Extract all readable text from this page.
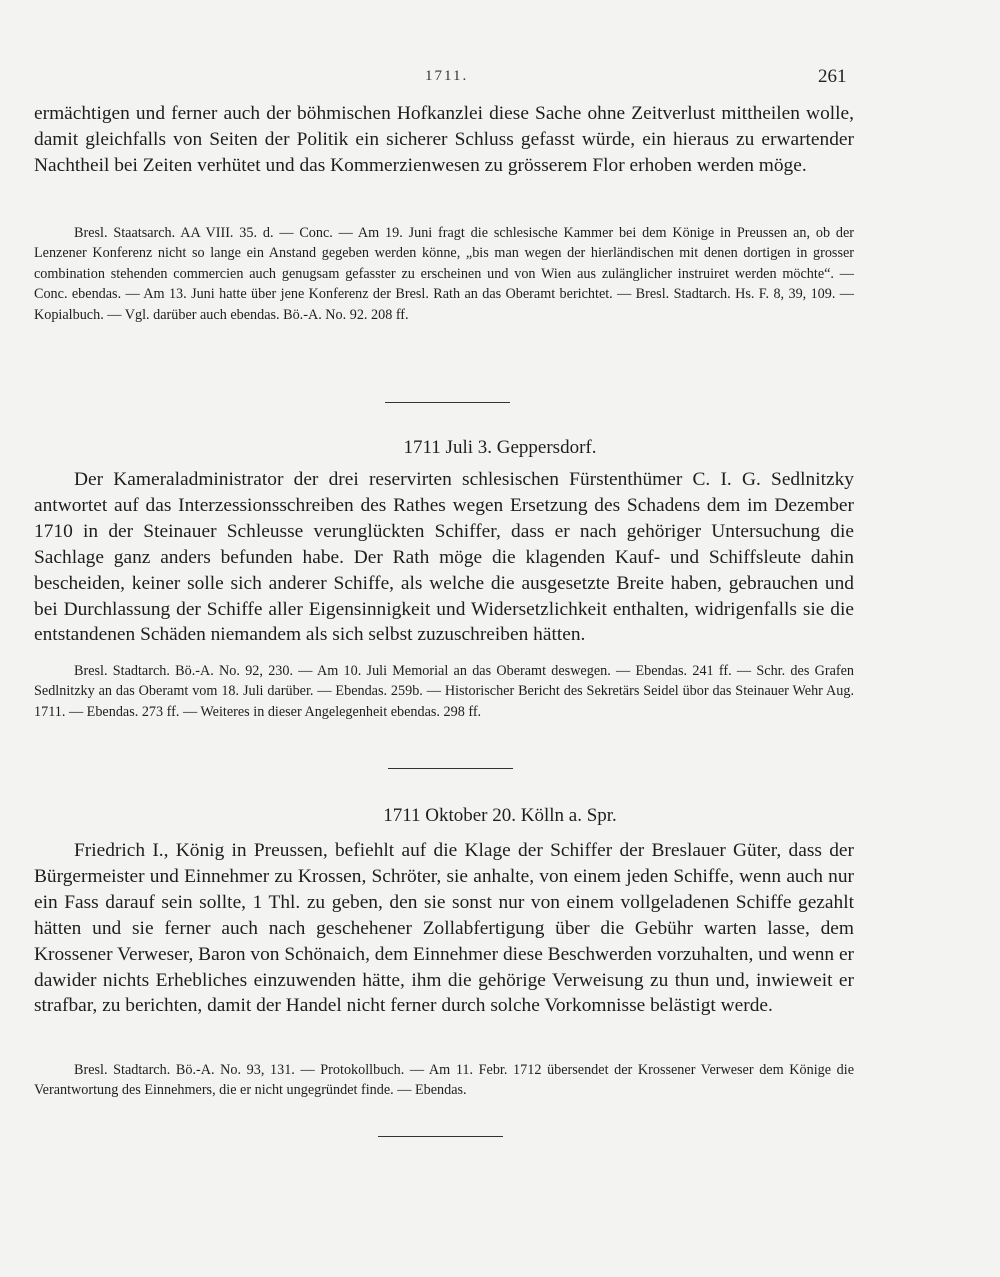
1711.	261

ermächtigen und ferner auch der böhmischen Hofkanzlei diese Sache ohne Zeitverlust mittheilen wolle, damit gleichfalls von Seiten der Politik ein sicherer Schluss gefasst würde, ein hieraus zu erwartender Nachtheil bei Zeiten verhütet und das Kommerzienwesen zu grösserem Flor erhoben werden möge.

Bresl. Staatsarch. AA VIII. 35. d. — Conc. — Am 19. Juni fragt die schlesische Kammer bei dem Könige in Preussen an, ob der Lenzener Konferenz nicht so lange ein Anstand gegeben werden könne, „bis man wegen der hierländischen mit denen dortigen in grosser combination stehenden commercien auch genugsam gefasster zu erscheinen und von Wien aus zulänglicher instruiret werden möchte“. — Conc. ebendas. — Am 13. Juni hatte über jene Konferenz der Bresl. Rath an das Oberamt berichtet. — Bresl. Stadtarch. Hs. F. 8, 39, 109. — Kopialbuch. — Vgl. darüber auch ebendas. Bö.-A. No. 92. 208 ff.

1711 Juli 3. Geppersdorf.

Der Kameraladministrator der drei reservirten schlesischen Fürstenthümer C. I. G. Sedlnitzky antwortet auf das Interzessionsschreiben des Rathes wegen Ersetzung des Schadens dem im Dezember 1710 in der Steinauer Schleusse verunglückten Schiffer, dass er nach gehöriger Untersuchung die Sachlage ganz anders befunden habe. Der Rath möge die klagenden Kauf- und Schiffsleute dahin bescheiden, keiner solle sich anderer Schiffe, als welche die ausgesetzte Breite haben, gebrauchen und bei Durchlassung der Schiffe aller Eigensinnigkeit und Widersetzlichkeit enthalten, widrigenfalls sie die entstandenen Schäden niemandem als sich selbst zuzuschreiben hätten.

Bresl. Stadtarch. Bö.-A. No. 92, 230. — Am 10. Juli Memorial an das Oberamt deswegen. — Ebendas. 241 ff. — Schr. des Grafen Sedlnitzky an das Oberamt vom 18. Juli darüber. — Ebendas. 259b. — Historischer Bericht des Sekretärs Seidel übor das Steinauer Wehr Aug. 1711. — Ebendas. 273 ff. — Weiteres in dieser Angelegenheit ebendas. 298 ff.

1711 Oktober 20. Kölln a. Spr.

Friedrich I., König in Preussen, befiehlt auf die Klage der Schiffer der Breslauer Güter, dass der Bürgermeister und Einnehmer zu Krossen, Schröter, sie anhalte, von einem jeden Schiffe, wenn auch nur ein Fass darauf sein sollte, 1 Thl. zu geben, den sie sonst nur von einem vollgeladenen Schiffe gezahlt hätten und sie ferner auch nach geschehener Zollabfertigung über die Gebühr warten lasse, dem Krossener Verweser, Baron von Schönaich, dem Einnehmer diese Beschwerden vorzuhalten, und wenn er dawider nichts Erhebliches einzuwenden hätte, ihm die gehörige Verweisung zu thun und, inwieweit er strafbar, zu berichten, damit der Handel nicht ferner durch solche Vorkomnisse belästigt werde.

Bresl. Stadtarch. Bö.-A. No. 93, 131. — Protokollbuch. — Am 11. Febr. 1712 übersendet der Krossener Verweser dem Könige die Verantwortung des Einnehmers, die er nicht ungegründet finde. — Ebendas.
